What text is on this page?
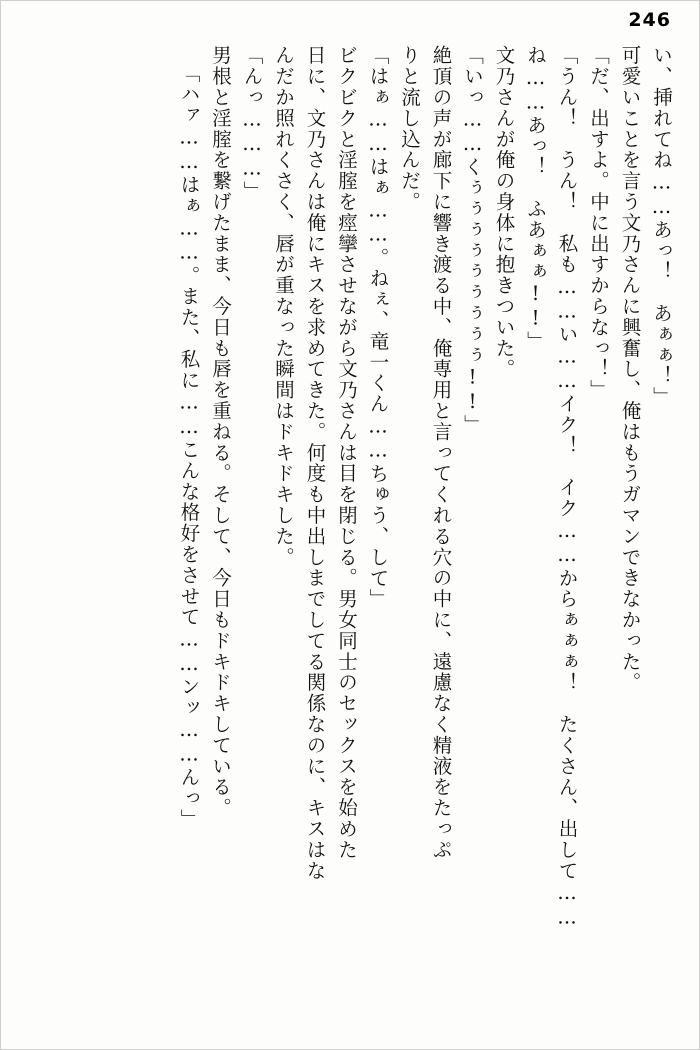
246
い、挿れてね……あっ！　あぁぁ！」
可愛いことを言う文乃さんに興奮し、俺はもうガマンできなかった。
「だ、出すよ。中に出すからなっ！」
「うん！　うん！　私も……い……イク！　イク……からぁぁぁ！　たくさん、出して……
ね……あっ！　ふあぁぁ!!」
文乃さんが俺の身体に抱きついた。
「いっ……くぅぅぅぅぅぅぅぅぅ!!」
絶頂の声が廊下に響き渡る中、俺専用と言ってくれる穴の中に、遠慮なく精液をたっぷ
りと流し込んだ。
「はぁ……はぁ……。ねぇ、竜一くん……ちゅう、して」
ビクビクと淫腟を痙攣させながら文乃さんは目を閉じる。男女同士のセックスを始めた
日に、文乃さんは俺にキスを求めてきた。何度も中出しまでしてる関係なのに、キスはな
んだか照れくさく、唇が重なった瞬間はドキドキした。
「んっ………」
男根と淫腟を繋げたまま、今日も唇を重ねる。そして、今日もドキドキしている。
「ハァ……はぁ……。また、私に……こんな格好をさせて……ンッ……んっ」
